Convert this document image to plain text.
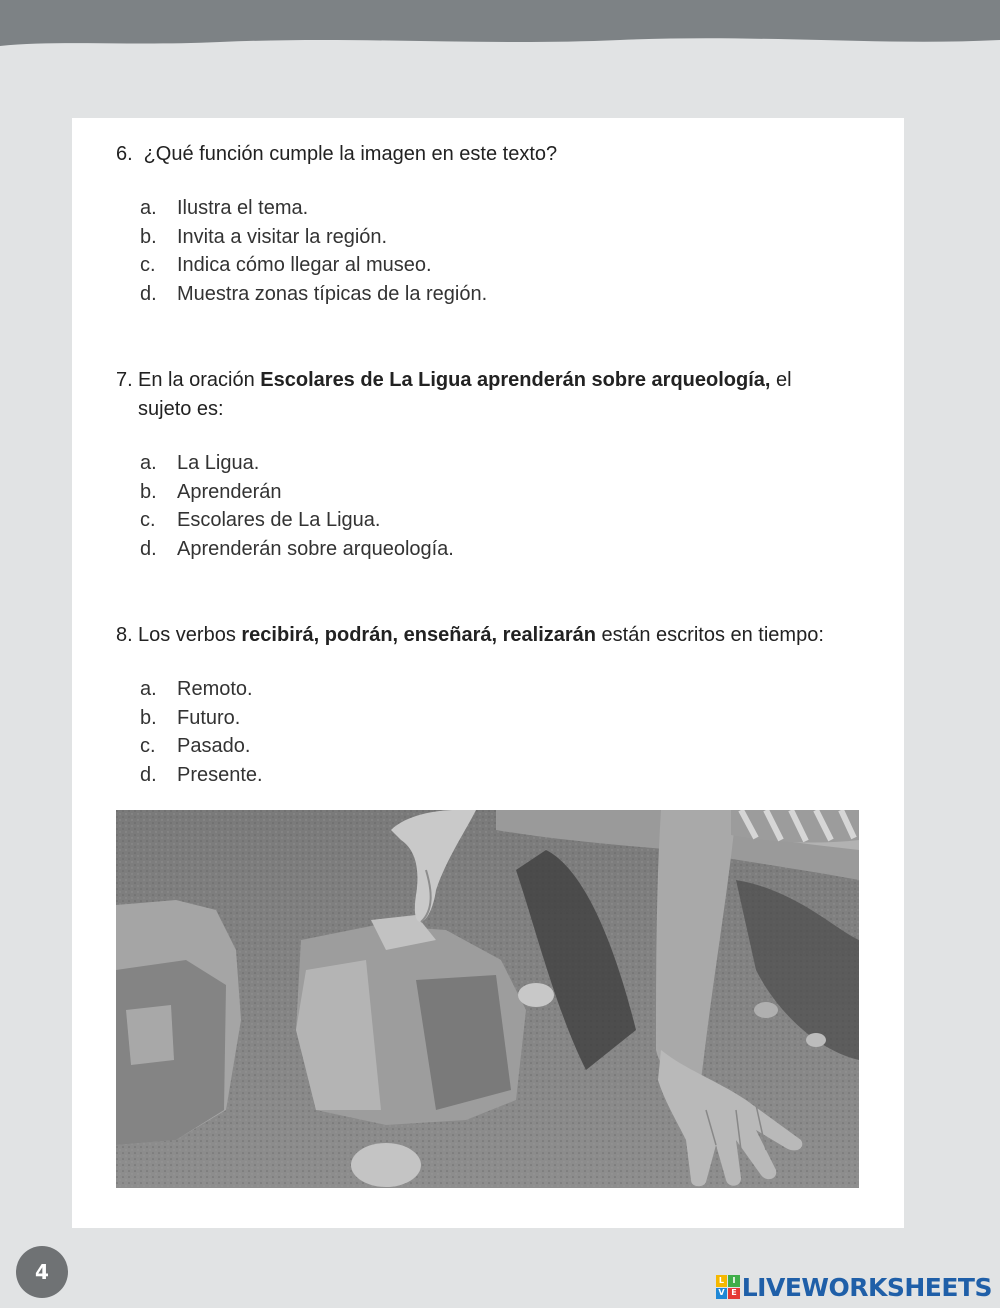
6. ¿Qué función cumple la imagen en este texto?
a.	Ilustra el tema.
b.	Invita a visitar la región.
c.	Indica cómo llegar al museo.
d.	Muestra zonas típicas de la región.
7. En la oración Escolares de La Ligua aprenderán sobre arqueología, el
sujeto es:
a.	La Ligua.
b.	Aprenderán
c.	Escolares de La Ligua.
d.	Aprenderán sobre arqueología.
8. Los verbos recibirá, podrán, enseñará, realizarán están escritos en tiempo:
a.	Remoto.
b.	Futuro.
c.	Pasado.
d.	Presente.
4	L	I
V E LIVEWORKSHEETS
